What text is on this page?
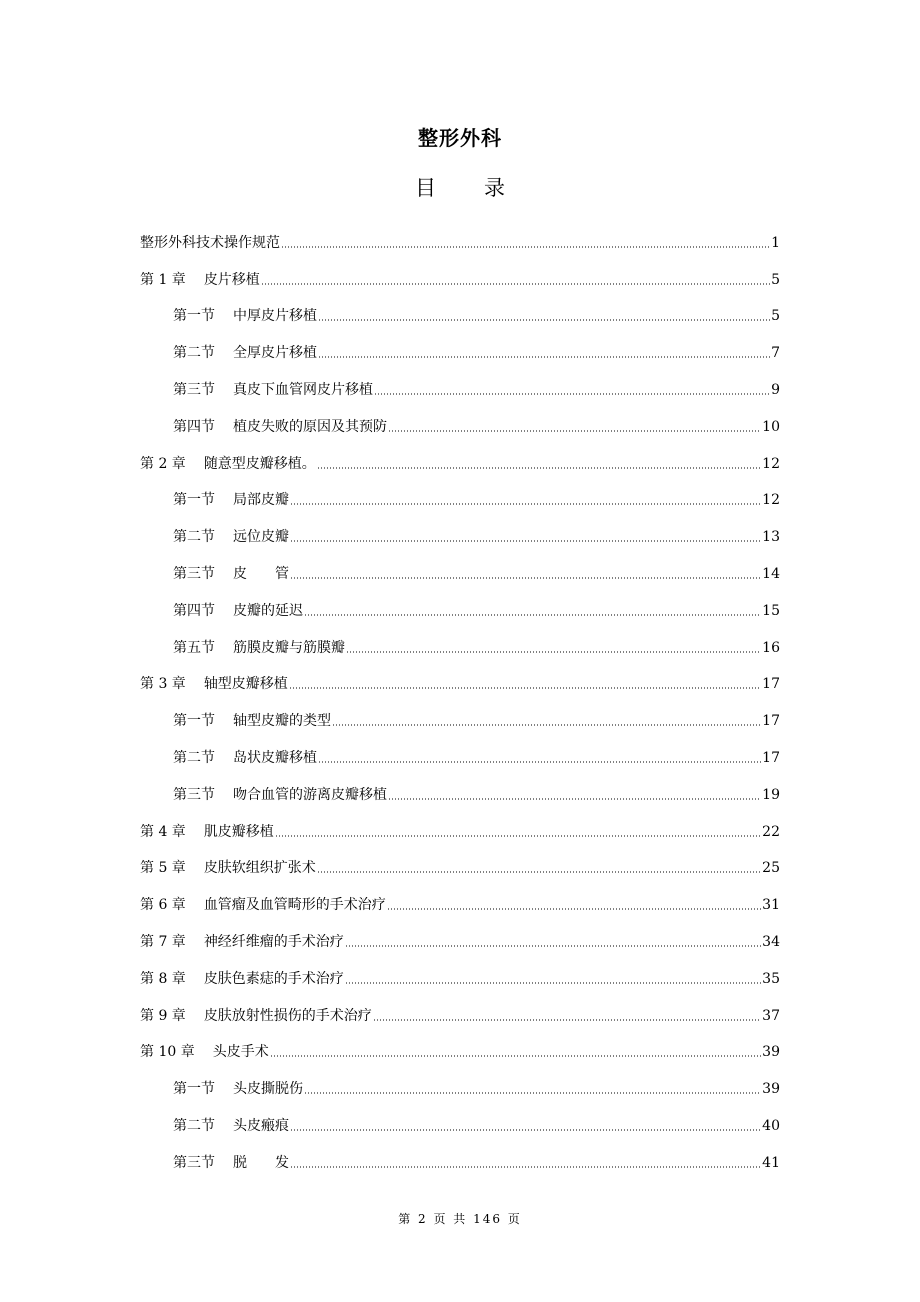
整形外科
目 录
整形外科技术操作规范	1
第 1 章	皮片移植	5
第一节	中厚皮片移植	5
第二节	全厚皮片移植	7
第三节	真皮下血管网皮片移植	9
第四节	植皮失败的原因及其预防	10
第 2 章	随意型皮瓣移植。	12
第一节	局部皮瓣	12
第二节	远位皮瓣	13
第三节	皮　　管	14
第四节	皮瓣的延迟	15
第五节	筋膜皮瓣与筋膜瓣	16
第 3 章	轴型皮瓣移植	17
第一节	轴型皮瓣的类型	17
第二节	岛状皮瓣移植	17
第三节	吻合血管的游离皮瓣移植	19
第 4 章	肌皮瓣移植	22
第 5 章	皮肤软组织扩张术	25
第 6 章	血管瘤及血管畸形的手术治疗	31
第 7 章	神经纤维瘤的手术治疗	34
第 8 章	皮肤色素痣的手术治疗	35
第 9 章	皮肤放射性损伤的手术治疗	37
第 10 章	头皮手术	39
第一节	头皮撕脱伤	39
第二节	头皮瘢痕	40
第三节	脱　　发	41
第 2 页 共 146 页
